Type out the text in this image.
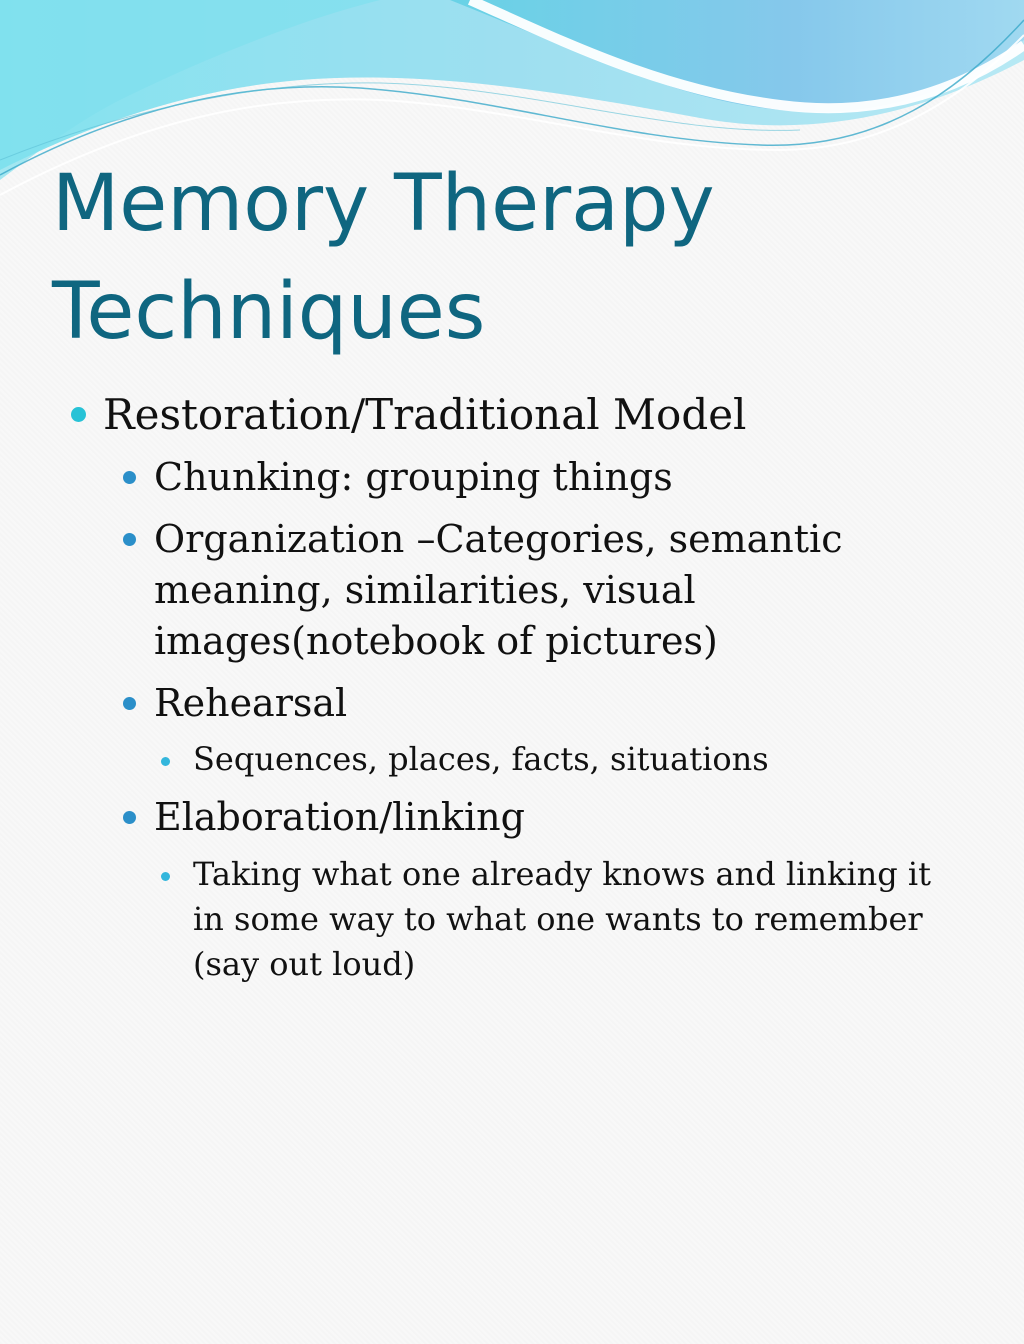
Memory Therapy
Techniques

Restoration/Traditional Model

Chunking: grouping things

Organization –Categories, semantic

meaning, similarities, visual

images(notebook of pictures)

Rehearsal

Sequences, places, facts, situations

Elaboration/linking

Taking what one already knows and linking it

in some way to what one wants to remember

(say out loud)
